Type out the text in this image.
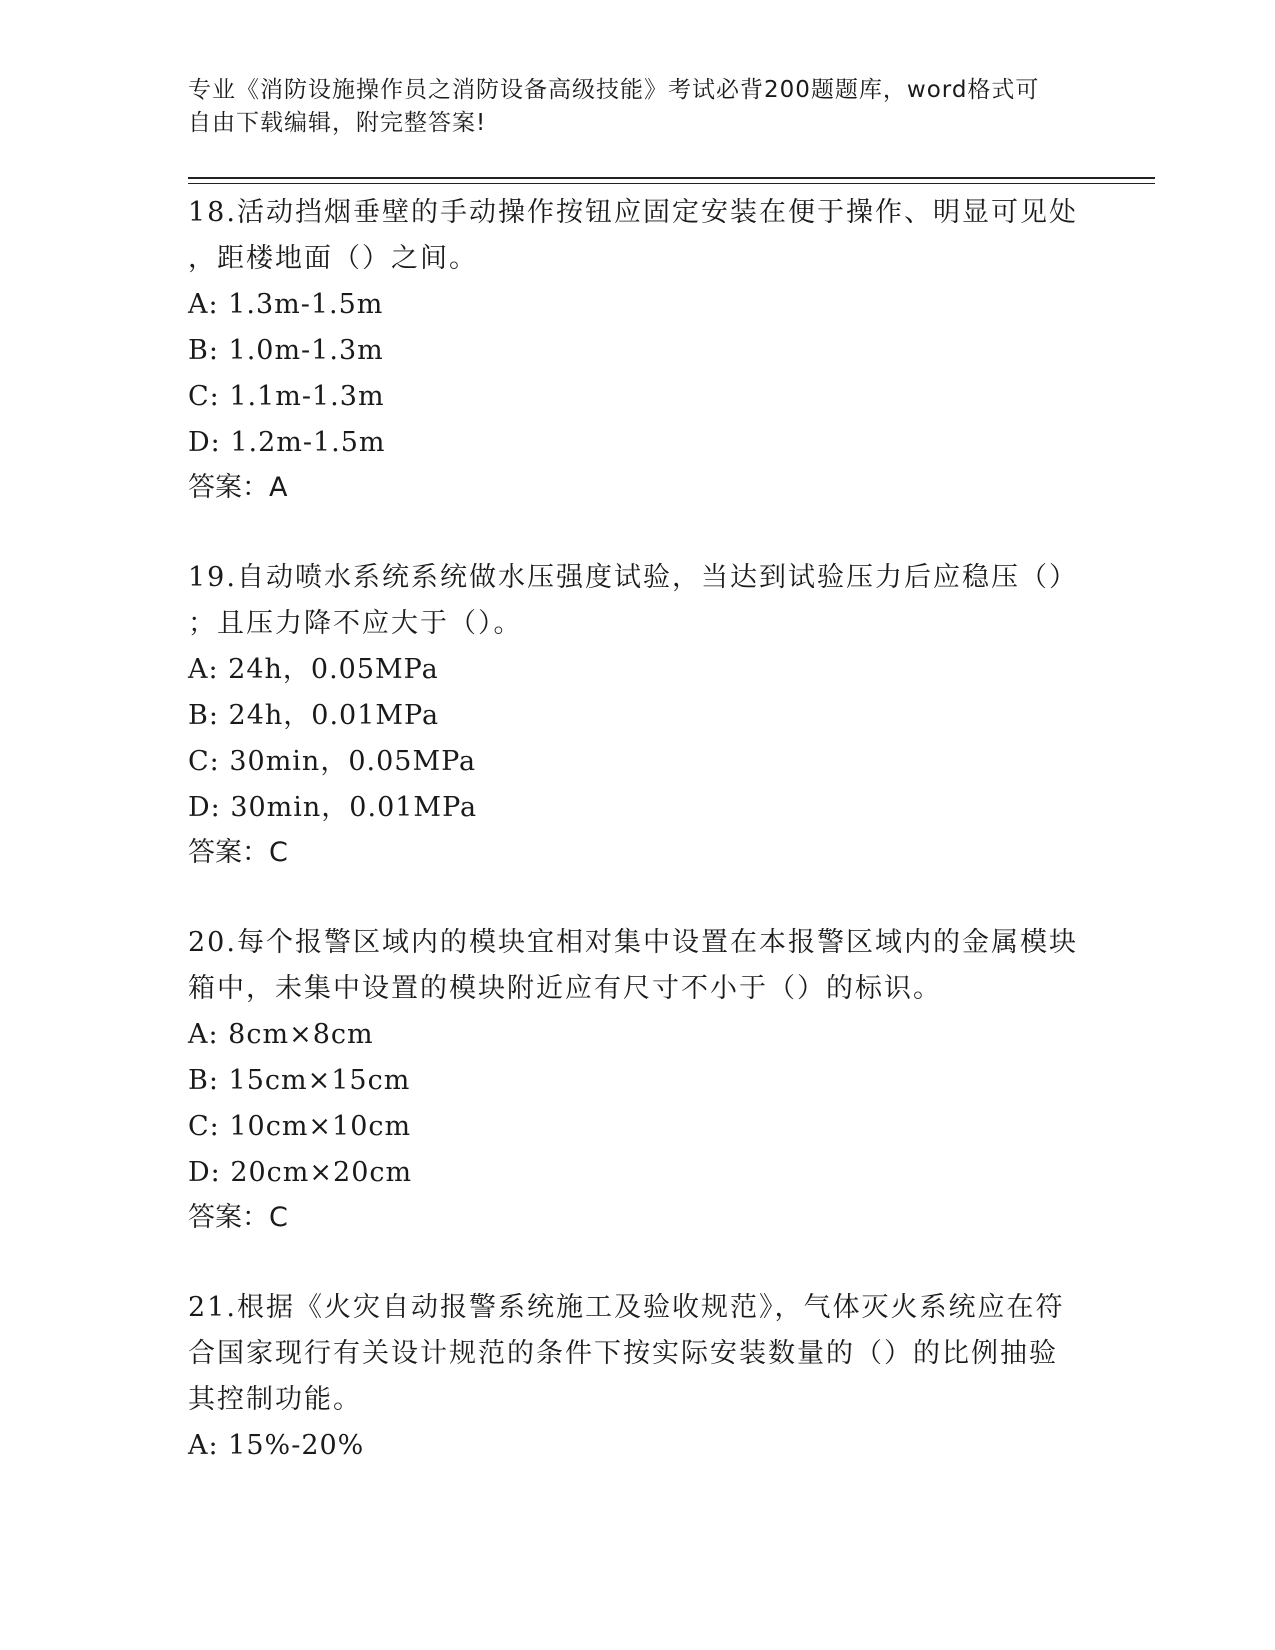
专业《消防设施操作员之消防设备高级技能》考试必背200题题库，word格式可
自由下载编辑，附完整答案!
18.活动挡烟垂壁的手动操作按钮应固定安装在便于操作、明显可见处
，距楼地面（）之间。
A: 1.3m-1.5m
B: 1.0m-1.3m
C: 1.1m-1.3m
D: 1.2m-1.5m
答案：A
19.自动喷水系统系统做水压强度试验，当达到试验压力后应稳压（）
；且压力降不应大于（）。
A: 24h，0.05MPa
B: 24h，0.01MPa
C: 30min，0.05MPa
D: 30min，0.01MPa
答案：C
20.每个报警区域内的模块宜相对集中设置在本报警区域内的金属模块
箱中，未集中设置的模块附近应有尺寸不小于（）的标识。
A: 8cm×8cm
B: 15cm×15cm
C: 10cm×10cm
D: 20cm×20cm
答案：C
21.根据《火灾自动报警系统施工及验收规范》，气体灭火系统应在符
合国家现行有关设计规范的条件下按实际安装数量的（）的比例抽验
其控制功能。
A: 15%-20%
